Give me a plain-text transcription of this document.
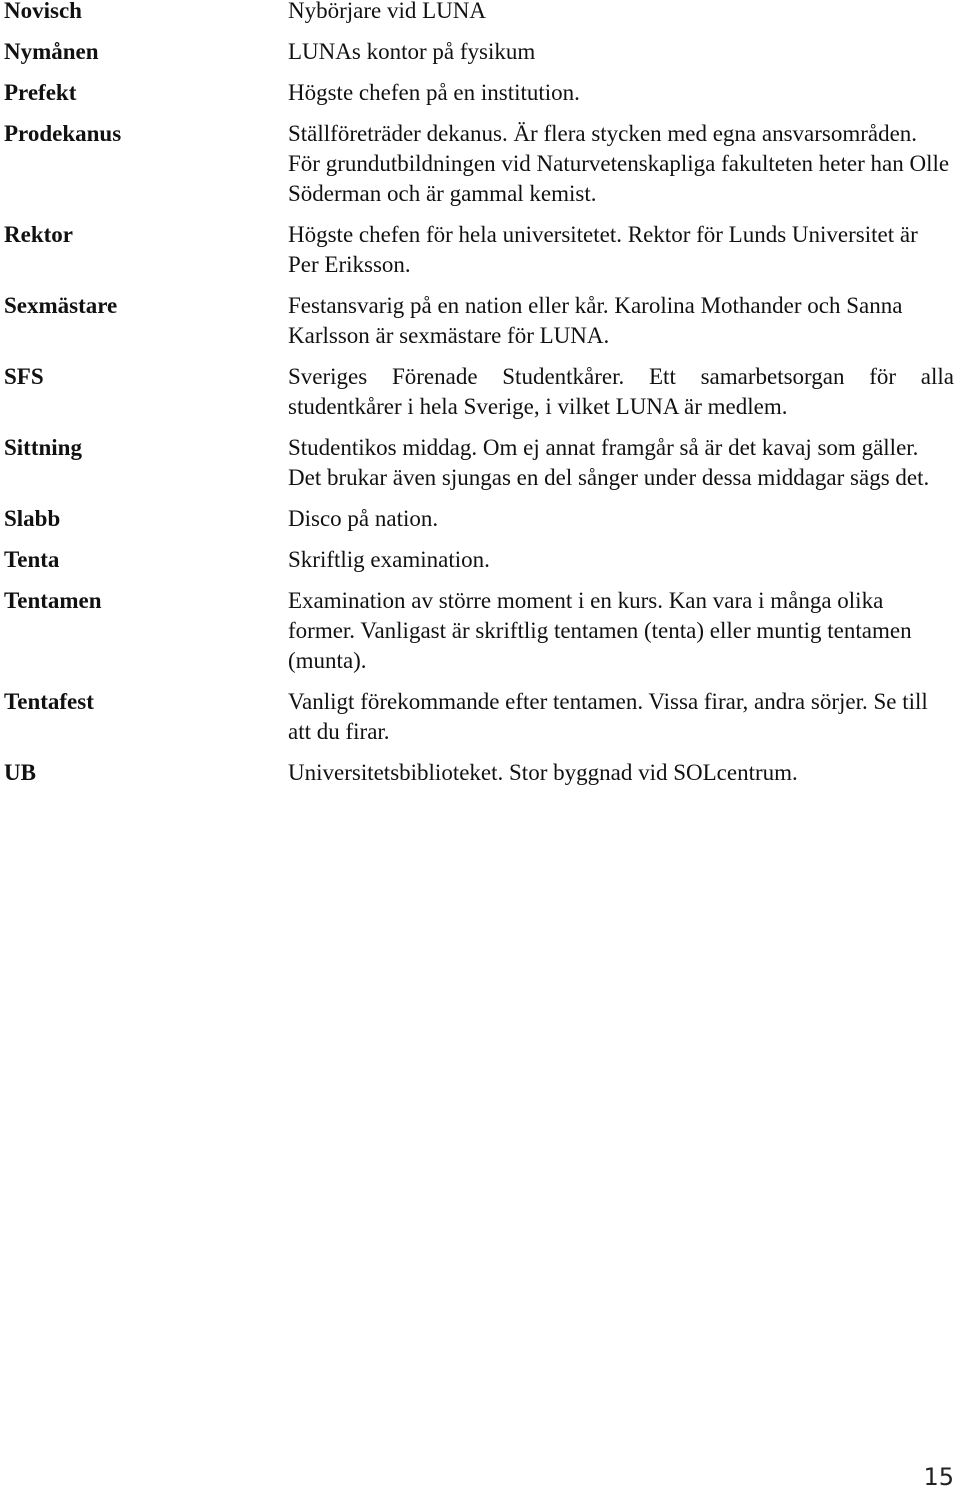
Novisch	Nybörjare vid LUNA

Nymånen	LUNAs kontor på fysikum

Prefekt	Högste chefen på en institution.

Prodekanus	Ställföreträder dekanus. Är flera stycken med egna ansvarsområden. För grundutbildningen vid Naturvetenskapliga fakulteten heter han Olle Söderman och är gammal kemist.

Rektor	Högste chefen för hela universitetet. Rektor för Lunds Universitet är Per Eriksson.

Sexmästare	Festansvarig på en nation eller kår. Karolina Mothander och Sanna Karlsson är sexmästare för LUNA.

SFS	Sveriges Förenade Studentkårer. Ett samarbetsorgan för alla studentkårer i hela Sverige, i vilket LUNA är medlem.

Sittning	Studentikos middag. Om ej annat framgår så är det kavaj som gäller. Det brukar även sjungas en del sånger under dessa middagar sägs det.

Slabb	Disco på nation.

Tenta	Skriftlig examination.

Tentamen	Examination av större moment i en kurs. Kan vara i många olika former. Vanligast är skriftlig tentamen (tenta) eller muntig tentamen (munta).

Tentafest	Vanligt förekommande efter tentamen. Vissa firar, andra sörjer. Se till att du firar.

UB	Universitetsbiblioteket. Stor byggnad vid SOLcentrum.

15
